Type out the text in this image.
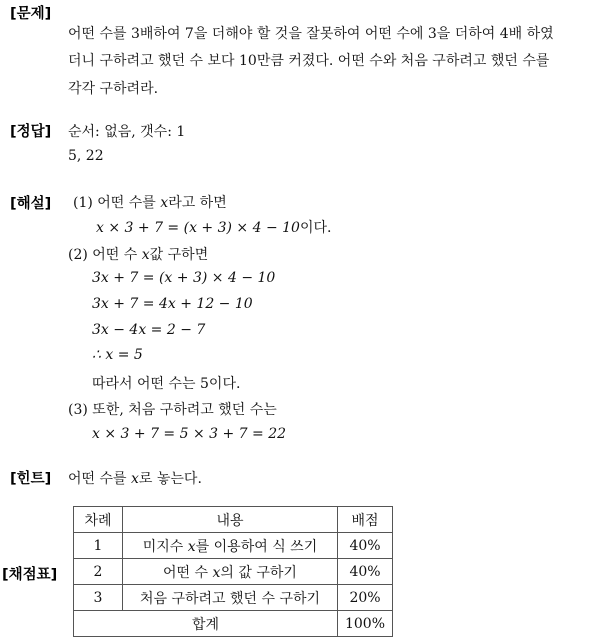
[문제]
어떤 수를 3배하여 7을 더해야 할 것을 잘못하여 어떤 수에 3을 더하여 4배 하였
더니 구하려고 했던 수 보다 10만큼 커졌다. 어떤 수와 처음 구하려고 했던 수를
각각 구하려라.
[정답] 순서: 없음, 갯수: 1
5, 22
[해설] (1) 어떤 수를 x라고 하면
x × 3 + 7 = (x + 3) × 4 − 10이다.
(2) 어떤 수 x값 구하면
3x + 7 = (x + 3) × 4 − 10
3x + 7 = 4x + 12 − 10
3x − 4x = 2 − 7
∴ x = 5
따라서 어떤 수는 5이다.
(3) 또한, 처음 구하려고 했던 수는
x × 3 + 7 = 5 × 3 + 7 = 22
[힌트] 어떤 수를 x로 놓는다.
[채점표]
차례	내용	배점
1	미지수 x를 이용하여 식 쓰기	40%
2	어떤 수 x의 값 구하기	40%
3	처음 구하려고 했던 수 구하기	20%
합계		100%
